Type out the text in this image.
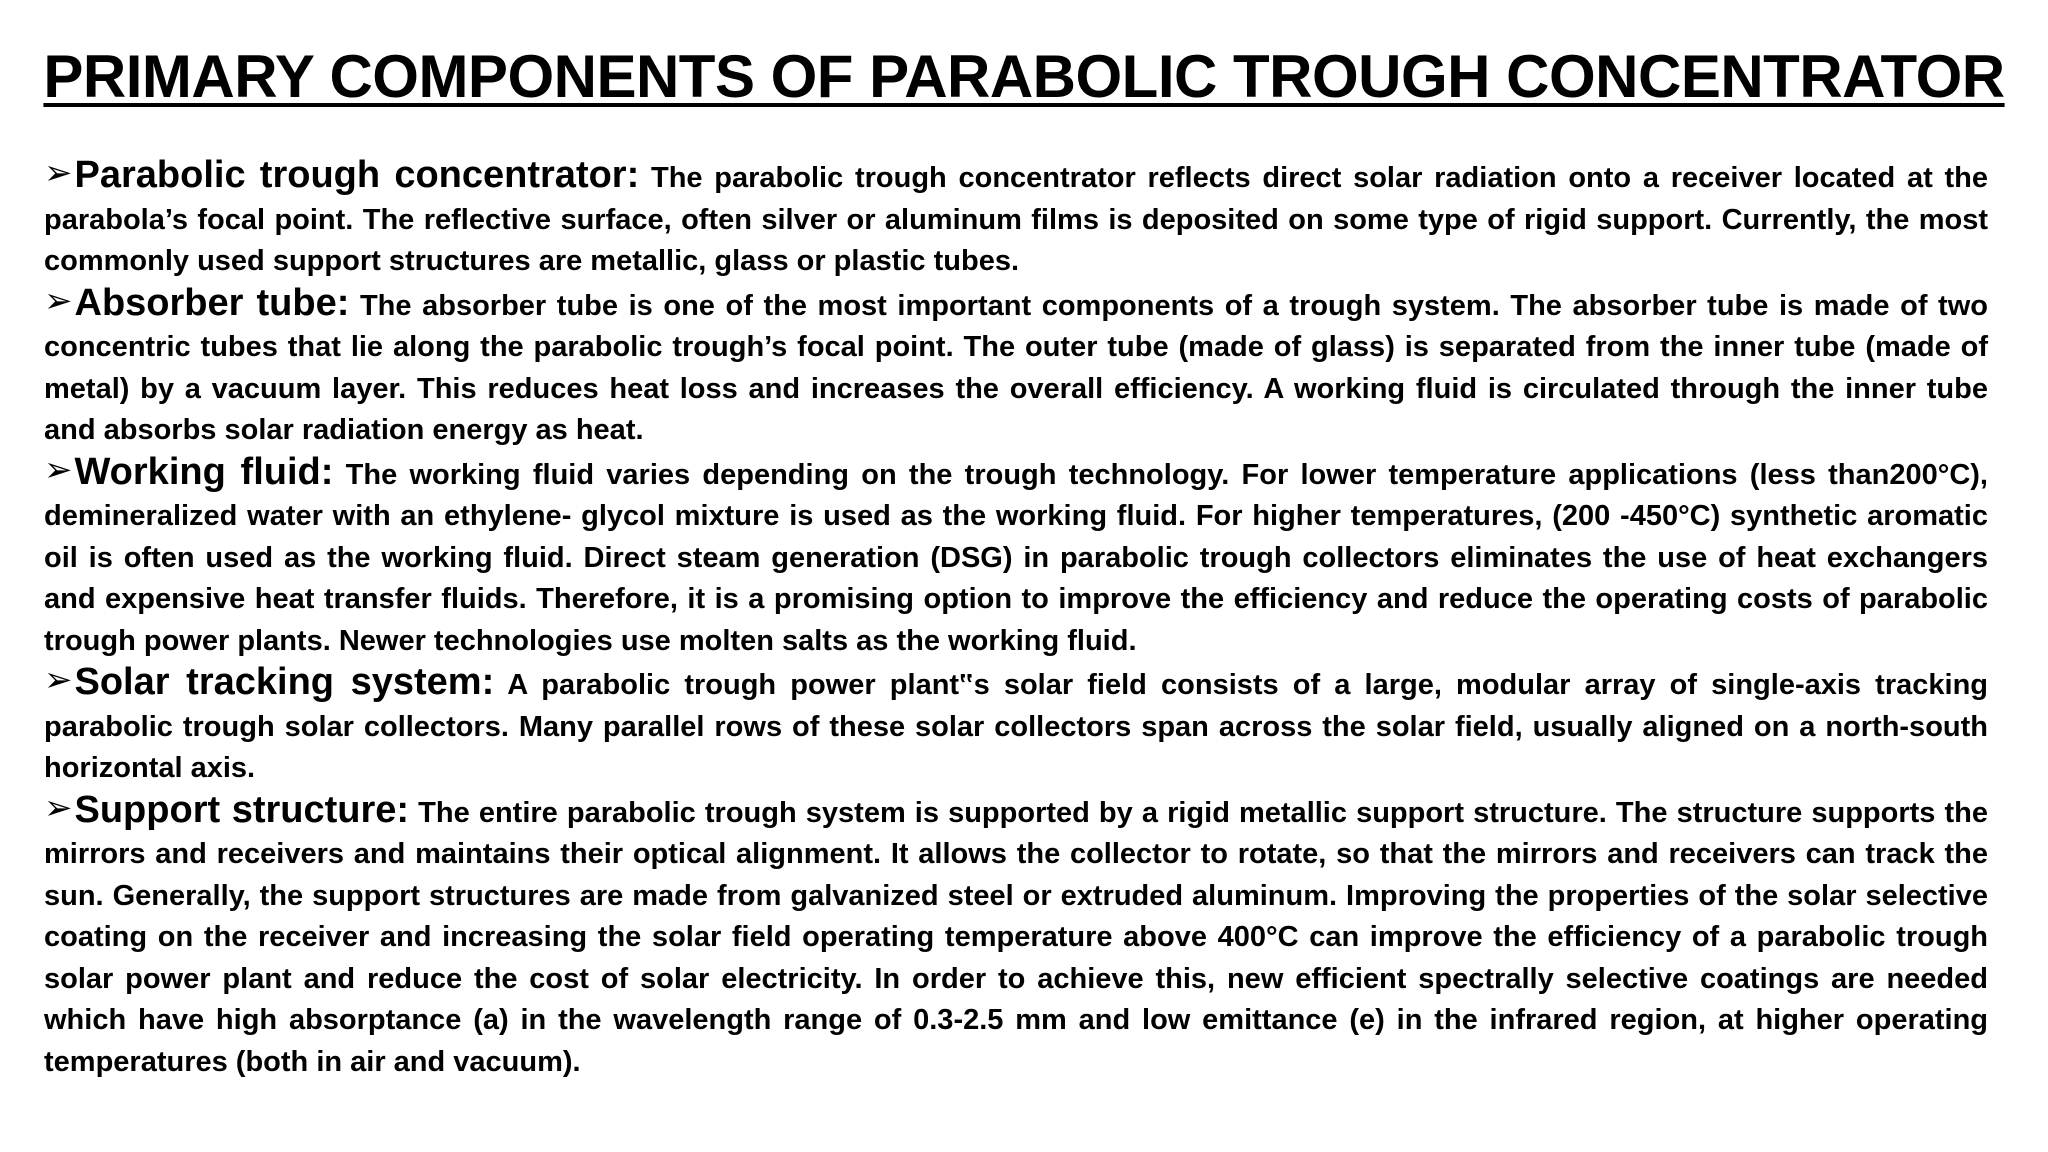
PRIMARY COMPONENTS OF PARABOLIC TROUGH CONCENTRATOR
➢Parabolic trough concentrator: The parabolic trough concentrator reflects direct solar radiation onto a receiver located at the parabola’s focal point. The reflective surface, often silver or aluminum films is deposited on some type of rigid support. Currently, the most commonly used support structures are metallic, glass or plastic tubes.
➢Absorber tube: The absorber tube is one of the most important components of a trough system. The absorber tube is made of two concentric tubes that lie along the parabolic trough’s focal point. The outer tube (made of glass) is separated from the inner tube (made of metal) by a vacuum layer. This reduces heat loss and increases the overall efficiency. A working fluid is circulated through the inner tube and absorbs solar radiation energy as heat.
➢Working fluid: The working fluid varies depending on the trough technology. For lower temperature applications (less than200°C), demineralized water with an ethylene- glycol mixture is used as the working fluid. For higher temperatures, (200 -450°C) synthetic aromatic oil is often used as the working fluid. Direct steam generation (DSG) in parabolic trough collectors eliminates the use of heat exchangers and expensive heat transfer fluids. Therefore, it is a promising option to improve the efficiency and reduce the operating costs of parabolic trough power plants. Newer technologies use molten salts as the working fluid.
➢Solar tracking system: A parabolic trough power plant‟s solar field consists of a large, modular array of single-axis tracking parabolic trough solar collectors. Many parallel rows of these solar collectors span across the solar field, usually aligned on a north-south horizontal axis.
➢Support structure: The entire parabolic trough system is supported by a rigid metallic support structure. The structure supports the mirrors and receivers and maintains their optical alignment. It allows the collector to rotate, so that the mirrors and receivers can track the sun. Generally, the support structures are made from galvanized steel or extruded aluminum. Improving the properties of the solar selective coating on the receiver and increasing the solar field operating temperature above 400°C can improve the efficiency of a parabolic trough solar power plant and reduce the cost of solar electricity. In order to achieve this, new efficient spectrally selective coatings are needed which have high absorptance (a) in the wavelength range of 0.3-2.5 mm and low emittance (e) in the infrared region, at higher operating temperatures (both in air and vacuum).
